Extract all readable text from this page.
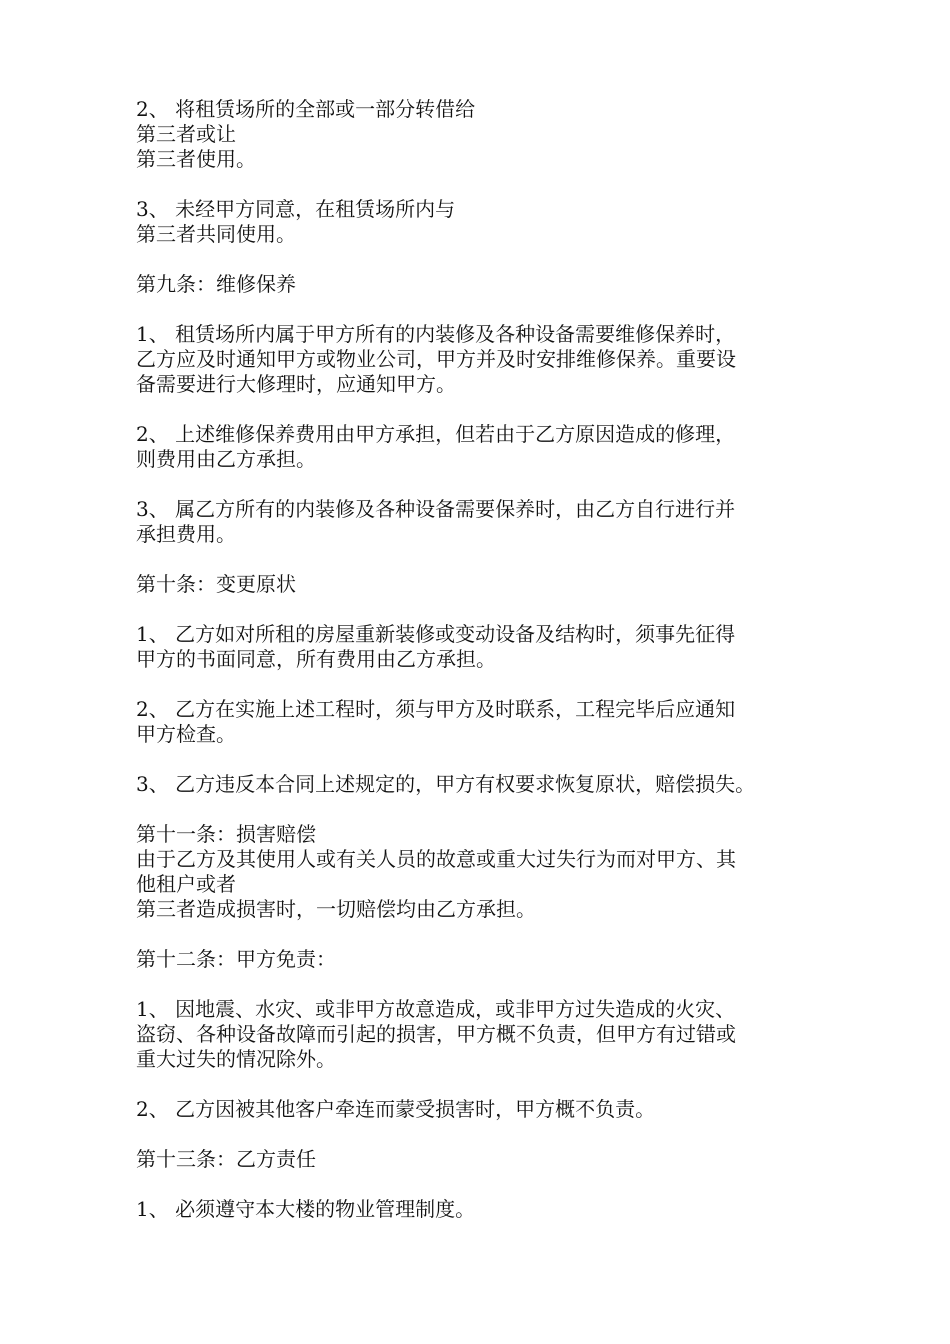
2、 将租赁场所的全部或一部分转借给
第三者或让
第三者使用。
3、 未经甲方同意，在租赁场所内与
第三者共同使用。
第九条：维修保养
1、 租赁场所内属于甲方所有的内装修及各种设备需要维修保养时，
乙方应及时通知甲方或物业公司，甲方并及时安排维修保养。重要设
备需要进行大修理时，应通知甲方。
2、 上述维修保养费用由甲方承担，但若由于乙方原因造成的修理，
则费用由乙方承担。
3、 属乙方所有的内装修及各种设备需要保养时，由乙方自行进行并
承担费用。
第十条：变更原状
1、 乙方如对所租的房屋重新装修或变动设备及结构时，须事先征得
甲方的书面同意，所有费用由乙方承担。
2、 乙方在实施上述工程时，须与甲方及时联系，工程完毕后应通知
甲方检查。
3、 乙方违反本合同上述规定的，甲方有权要求恢复原状，赔偿损失。
第十一条：损害赔偿
由于乙方及其使用人或有关人员的故意或重大过失行为而对甲方、其
他租户或者
第三者造成损害时，一切赔偿均由乙方承担。
第十二条：甲方免责：
1、 因地震、水灾、或非甲方故意造成，或非甲方过失造成的火灾、
盗窃、各种设备故障而引起的损害，甲方概不负责，但甲方有过错或
重大过失的情况除外。
2、 乙方因被其他客户牵连而蒙受损害时，甲方概不负责。
第十三条：乙方责任
1、 必须遵守本大楼的物业管理制度。
